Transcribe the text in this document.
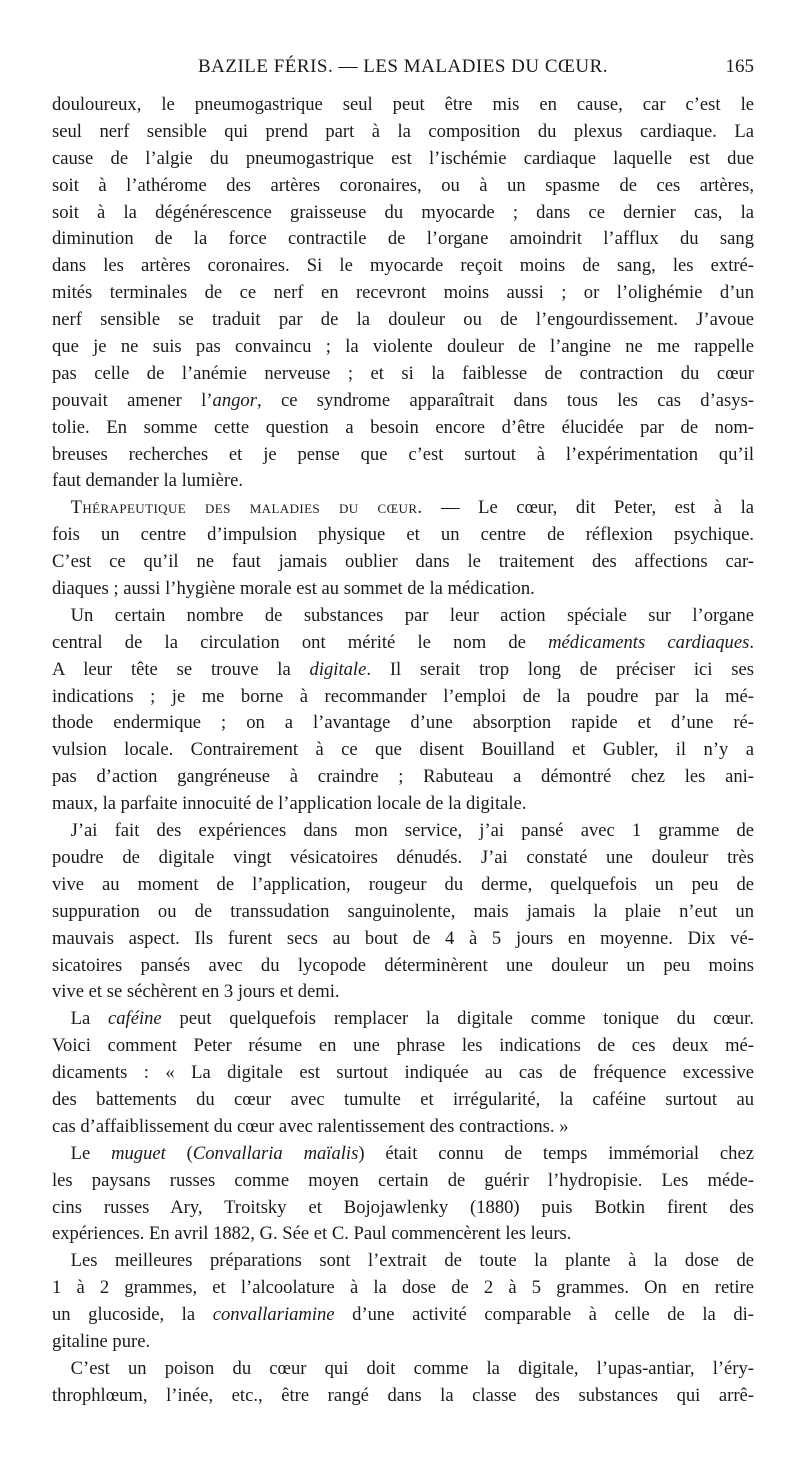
BAZILE FÉRIS. — LES MALADIES DU CŒUR.	165
douloureux, le pneumogastrique seul peut être mis en cause, car c’est le
seul nerf sensible qui prend part à la composition du plexus cardiaque. La
cause de l’algie du pneumogastrique est l’ischémie cardiaque laquelle est due
soit à l’athérome des artères coronaires, ou à un spasme de ces artères,
soit à la dégénérescence graisseuse du myocarde ; dans ce dernier cas, la
diminution de la force contractile de l’organe amoindrit l’afflux du sang
dans les artères coronaires. Si le myocarde reçoit moins de sang, les extré-
mités terminales de ce nerf en recevront moins aussi ; or l’olighémie d’un
nerf sensible se traduit par de la douleur ou de l’engourdissement. J’avoue
que je ne suis pas convaincu ; la violente douleur de l’angine ne me rappelle
pas celle de l’anémie nerveuse ; et si la faiblesse de contraction du cœur
pouvait amener l’angor, ce syndrome apparaîtrait dans tous les cas d’asys-
tolie. En somme cette question a besoin encore d’être élucidée par de nom-
breuses recherches et je pense que c’est surtout à l’expérimentation qu’il
faut demander la lumière.
 Thérapeutique des maladies du cœur. — Le cœur, dit Peter, est à la
fois un centre d’impulsion physique et un centre de réflexion psychique.
C’est ce qu’il ne faut jamais oublier dans le traitement des affections car-
diaques ; aussi l’hygiène morale est au sommet de la médication.
 Un certain nombre de substances par leur action spéciale sur l’organe
central de la circulation ont mérité le nom de médicaments cardiaques.
A leur tête se trouve la digitale. Il serait trop long de préciser ici ses
indications ; je me borne à recommander l’emploi de la poudre par la mé-
thode endermique ; on a l’avantage d’une absorption rapide et d’une ré-
vulsion locale. Contrairement à ce que disent Bouilland et Gubler, il n’y a
pas d’action gangréneuse à craindre ; Rabuteau a démontré chez les ani-
maux, la parfaite innocuité de l’application locale de la digitale.
 J’ai fait des expériences dans mon service, j’ai pansé avec 1 gramme de
poudre de digitale vingt vésicatoires dénudés. J’ai constaté une douleur très
vive au moment de l’application, rougeur du derme, quelquefois un peu de
suppuration ou de transsudation sanguinolente, mais jamais la plaie n’eut un
mauvais aspect. Ils furent secs au bout de 4 à 5 jours en moyenne. Dix vé-
sicatoires pansés avec du lycopode déterminèrent une douleur un peu moins
vive et se séchèrent en 3 jours et demi.
 La caféine peut quelquefois remplacer la digitale comme tonique du cœur.
Voici comment Peter résume en une phrase les indications de ces deux mé-
dicaments : « La digitale est surtout indiquée au cas de fréquence excessive
des battements du cœur avec tumulte et irrégularité, la caféine surtout au
cas d’affaiblissement du cœur avec ralentissement des contractions. »
 Le muguet (Convallaria maïalis) était connu de temps immémorial chez
les paysans russes comme moyen certain de guérir l’hydropisie. Les méde-
cins russes Ary, Troitsky et Bojojawlenky (1880) puis Botkin firent des
expériences. En avril 1882, G. Sée et C. Paul commencèrent les leurs.
 Les meilleures préparations sont l’extrait de toute la plante à la dose de
1 à 2 grammes, et l’alcoolature à la dose de 2 à 5 grammes. On en retire
un glucoside, la convallariamine d’une activité comparable à celle de la di-
gitaline pure.
 C’est un poison du cœur qui doit comme la digitale, l’upas-antiar, l’éry-
throphlœum, l’inée, etc., être rangé dans la classe des substances qui arrê-
